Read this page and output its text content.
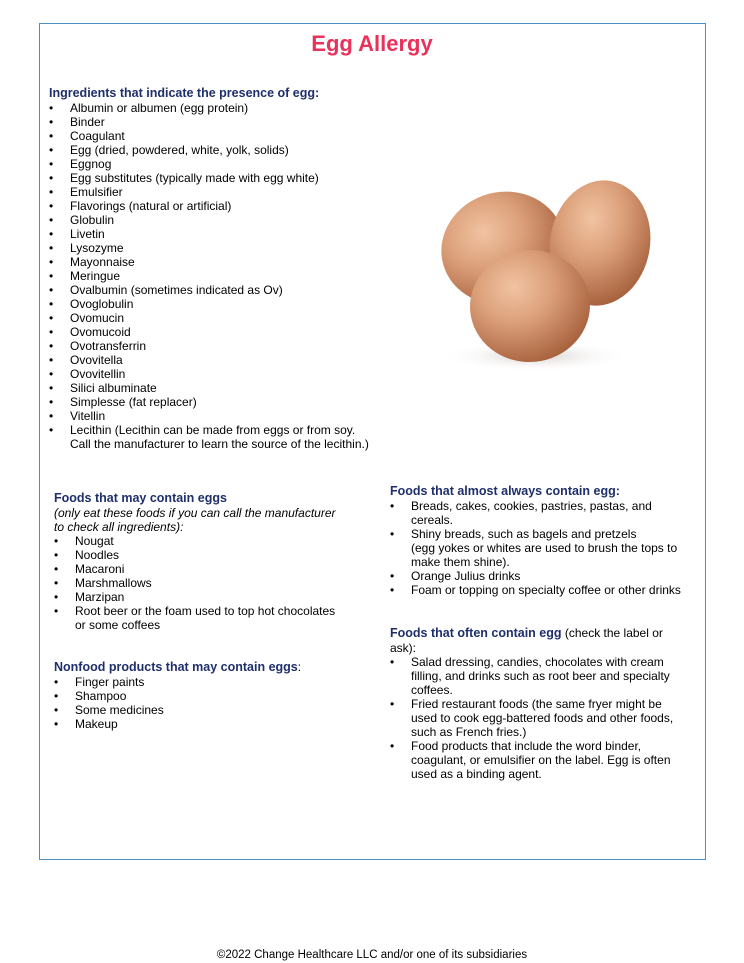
Egg Allergy
Ingredients that indicate the presence of egg:
• Albumin or albumen (egg protein)
• Binder
• Coagulant
• Egg (dried, powdered, white, yolk, solids)
• Eggnog
• Egg substitutes (typically made with egg white)
• Emulsifier
• Flavorings (natural or artificial)
• Globulin
• Livetin
• Lysozyme
• Mayonnaise
• Meringue
• Ovalbumin (sometimes indicated as Ov)
• Ovoglobulin
• Ovomucin
• Ovomucoid
• Ovotransferrin
• Ovovitella
• Ovovitellin
• Silici albuminate
• Simplesse (fat replacer)
• Vitellin
• Lecithin (Lecithin can be made from eggs or from soy.
Call the manufacturer to learn the source of the lecithin.)
Foods that may contain eggs
(only eat these foods if you can call the manufacturer
to check all ingredients):
• Nougat
• Noodles
• Macaroni
• Marshmallows
• Marzipan
• Root beer or the foam used to top hot chocolates
or some coffees
Nonfood products that may contain eggs:
• Finger paints
• Shampoo
• Some medicines
• Makeup
Foods that almost always contain egg:
• Breads, cakes, cookies, pastries, pastas, and
cereals.
• Shiny breads, such as bagels and pretzels
(egg yokes or whites are used to brush the tops to
make them shine).
• Orange Julius drinks
• Foam or topping on specialty coffee or other drinks
Foods that often contain egg (check the label or
ask):
• Salad dressing, candies, chocolates with cream
filling, and drinks such as root beer and specialty
coffees.
• Fried restaurant foods (the same fryer might be
used to cook egg-battered foods and other foods,
such as French fries.)
• Food products that include the word binder,
coagulant, or emulsifier on the label. Egg is often
used as a binding agent.
©2022 Change Healthcare LLC and/or one of its subsidiaries
